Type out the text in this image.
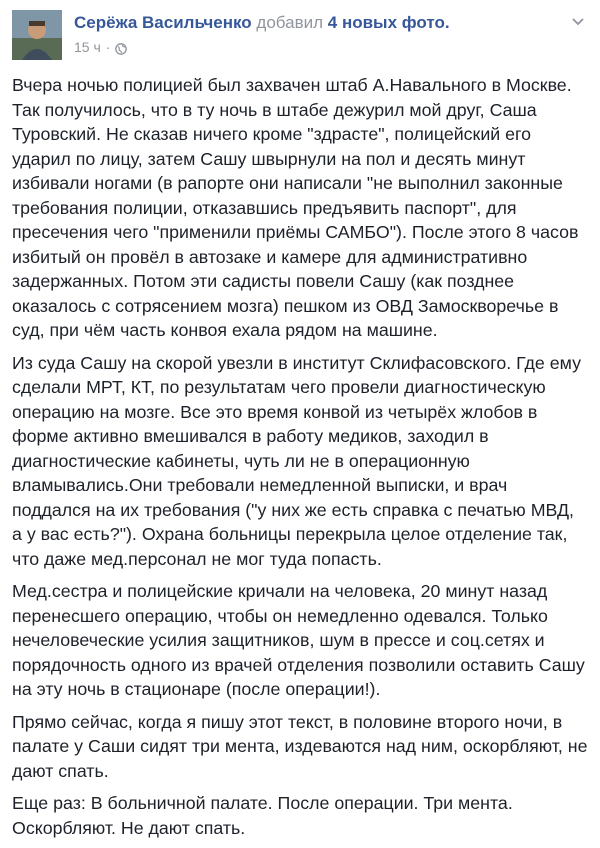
Серёжа Васильченко добавил 4 новых фото.
15 ч ·

Вчера ночью полицией был захвачен штаб А.Навального в Москве. Так получилось, что в ту ночь в штабе дежурил мой друг, Саша Туровский. Не сказав ничего кроме "здрасте", полицейский его ударил по лицу, затем Сашу швырнули на пол и десять минут избивали ногами (в рапорте они написали "не выполнил законные требования полиции, отказавшись предъявить паспорт", для пресечения чего "применили приёмы САМБО"). После этого 8 часов избитый он провёл в автозаке и камере для административно задержанных. Потом эти садисты повели Сашу (как позднее оказалось с сотрясением мозга) пешком из ОВД Замоскворечье в суд, при чём часть конвоя ехала рядом на машине.

Из суда Сашу на скорой увезли в институт Склифасовского. Где ему сделали МРТ, КТ, по результатам чего провели диагностическую операцию на мозге. Все это время конвой из четырёх жлобов в форме активно вмешивался в работу медиков, заходил в диагностические кабинеты, чуть ли не в операционную вламывались.Они требовали немедленной выписки, и врач поддался на их требования ("у них же есть справка с печатью МВД, а у вас есть?"). Охрана больницы перекрыла целое отделение так, что даже мед.персонал не мог туда попасть.

Мед.сестра и полицейские кричали на человека, 20 минут назад перенесшего операцию, чтобы он немедленно одевался. Только нечеловеческие усилия защитников, шум в прессе и соц.сетях и порядочность одного из врачей отделения позволили оставить Сашу на эту ночь в стационаре (после операции!).

Прямо сейчас, когда я пишу этот текст, в половине второго ночи, в палате у Саши сидят три мента, издеваются над ним, оскорбляют, не дают спать.

Еще раз: В больничной палате. После операции. Три мента. Оскорбляют. Не дают спать.
